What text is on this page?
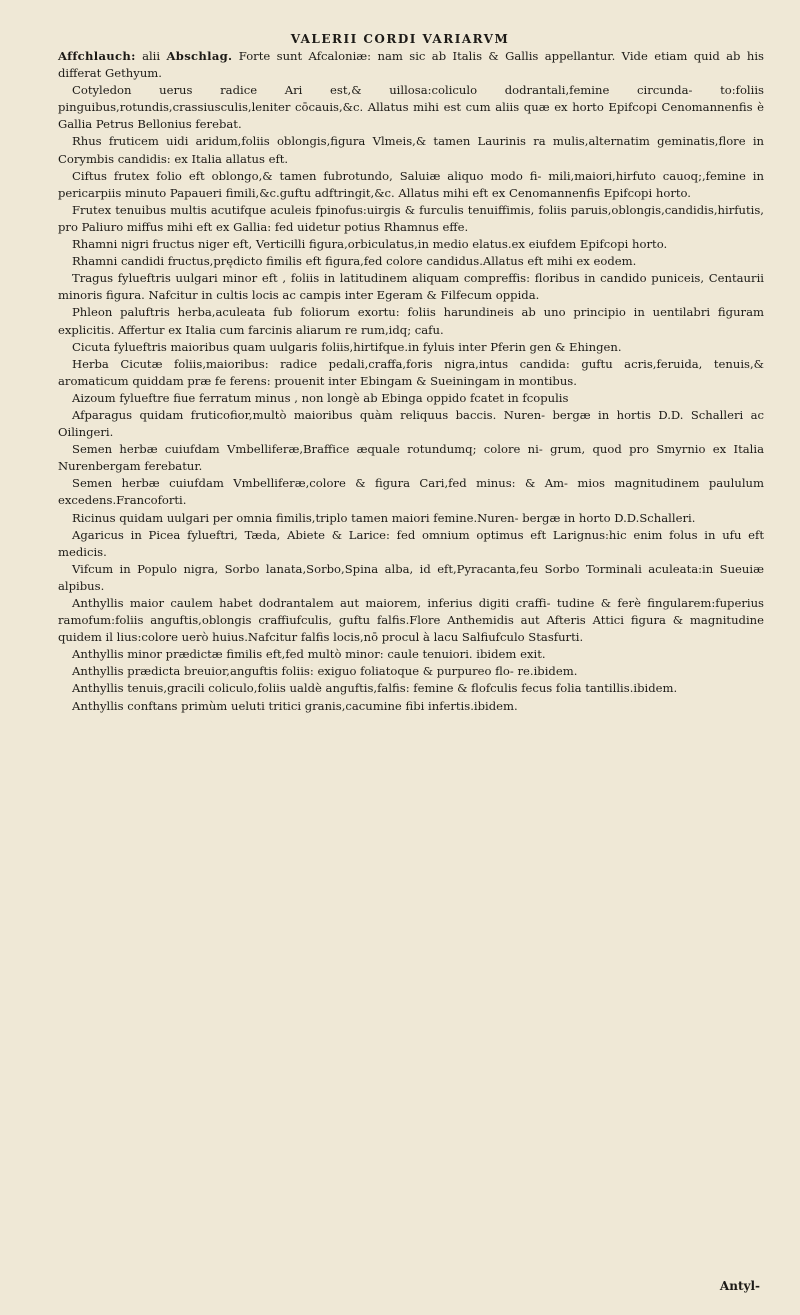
VALERII CORDI VARIARVM

Affchlauch: alii Abschlag. Forte sunt Afcaloniæ: nam sic ab Italis & Gallis appellantur. Vide etiam quid ab his differat Gethyum.

Cotyledon uerus radice Ari est,& uillosa:coliculo dodrantali,femine circunda- to:foliis pinguibus,rotundis,crassiusculis,leniter cōcauis,&c. Allatus mihi est cum aliis quæ ex horto Epifcopi Cenomannenfis è Gallia Petrus Bellonius ferebat.

Rhus fruticem uidi aridum,foliis oblongis,figura Vlmeis,& tamen Laurinis ra mulis,alternatim geminatis,flore in Corymbis candidis: ex Italia allatus eft.

Ciftus frutex folio eft oblongo,& tamen fubrotundo, Saluiæ aliquo modo fi- mili,maiori,hirfuto cauoq;,femine in pericarpiis minuto Papaueri fimili,&c.guftu adftringit,&c. Allatus mihi eft ex Cenomannenfis Epifcopi horto.

Frutex tenuibus multis acutifque aculeis fpinofus:uirgis & furculis tenuiffimis, foliis paruis,oblongis,candidis,hirfutis, pro Paliuro miffus mihi eft ex Gallia: fed uidetur potius Rhamnus effe.

Rhamni nigri fructus niger eft, Verticilli figura,orbiculatus,in medio elatus.ex eiufdem Epifcopi horto.

Rhamni candidi fructus,prędicto fimilis eft figura,fed colore candidus.Allatus eft mihi ex eodem.

Tragus fylueftris uulgari minor eft , foliis in latitudinem aliquam compreffis: floribus in candido puniceis, Centaurii minoris figura. Nafcitur in cultis locis ac campis inter Egeram & Filfecum oppida.

Phleon paluftris herba,aculeata fub foliorum exortu: foliis harundineis ab uno principio in uentilabri figuram explicitis. Affertur ex Italia cum farcinis aliarum re rum,idq; cafu.

Cicuta fylueftris maioribus quam uulgaris foliis,hirtifque.in fyluis inter Pferin gen & Ehingen.

Herba Cicutæ foliis,maioribus: radice pedali,craffa,foris nigra,intus candida: guftu acris,feruida, tenuis,& aromaticum quiddam præ fe ferens: prouenit inter Ebingam & Sueiningam in montibus.

Aizoum fylueftre fiue ferratum minus , non longè ab Ebinga oppido fcatet in fcopulis

Afparagus quidam fruticofior,multò maioribus quàm reliquus baccis. Nuren- bergæ in hortis D.D. Schalleri ac Oilingeri.

Semen herbæ cuiufdam Vmbelliferæ,Braffice æquale rotundumq; colore ni- grum, quod pro Smyrnio ex Italia Nurenbergam ferebatur.

Semen herbæ cuiufdam Vmbelliferæ,colore & figura Cari,fed minus: & Am- mios magnitudinem paululum excedens.Francoforti.

Ricinus quidam uulgari per omnia fimilis,triplo tamen maiori femine.Nuren- bergæ in horto D.D.Schalleri.

Agaricus in Picea fylueftri, Tæda, Abiete & Larice: fed omnium optimus eft Larignus:hic enim folus in ufu eft medicis.

Vifcum in Populo nigra, Sorbo lanata,Sorbo,Spina alba, id eft,Pyracanta,feu Sorbo Torminali aculeata:in Sueuiæ alpibus.

Anthyllis maior caulem habet dodrantalem aut maiorem, inferius digiti craffi- tudine & ferè fingularem:fuperius ramofum:foliis anguftis,oblongis craffiufculis, guftu falfis.Flore Anthemidis aut Afteris Attici figura & magnitudine quidem il lius:colore uerò huius.Nafcitur falfis locis,nō procul à lacu Salfiufculo Stasfurti.

Anthyllis minor prædictæ fimilis eft,fed multò minor: caule tenuiori. ibidem exit.

Anthyllis prædicta breuior,anguftis foliis: exiguo foliatoque & purpureo flo- re.ibidem.

Anthyllis tenuis,gracili coliculo,foliis ualdè anguftis,falfis: femine & flofculis fecus folia tantillis.ibidem.

Anthyllis conftans primùm ueluti tritici granis,cacumine fibi infertis.ibidem.

Antyl-
